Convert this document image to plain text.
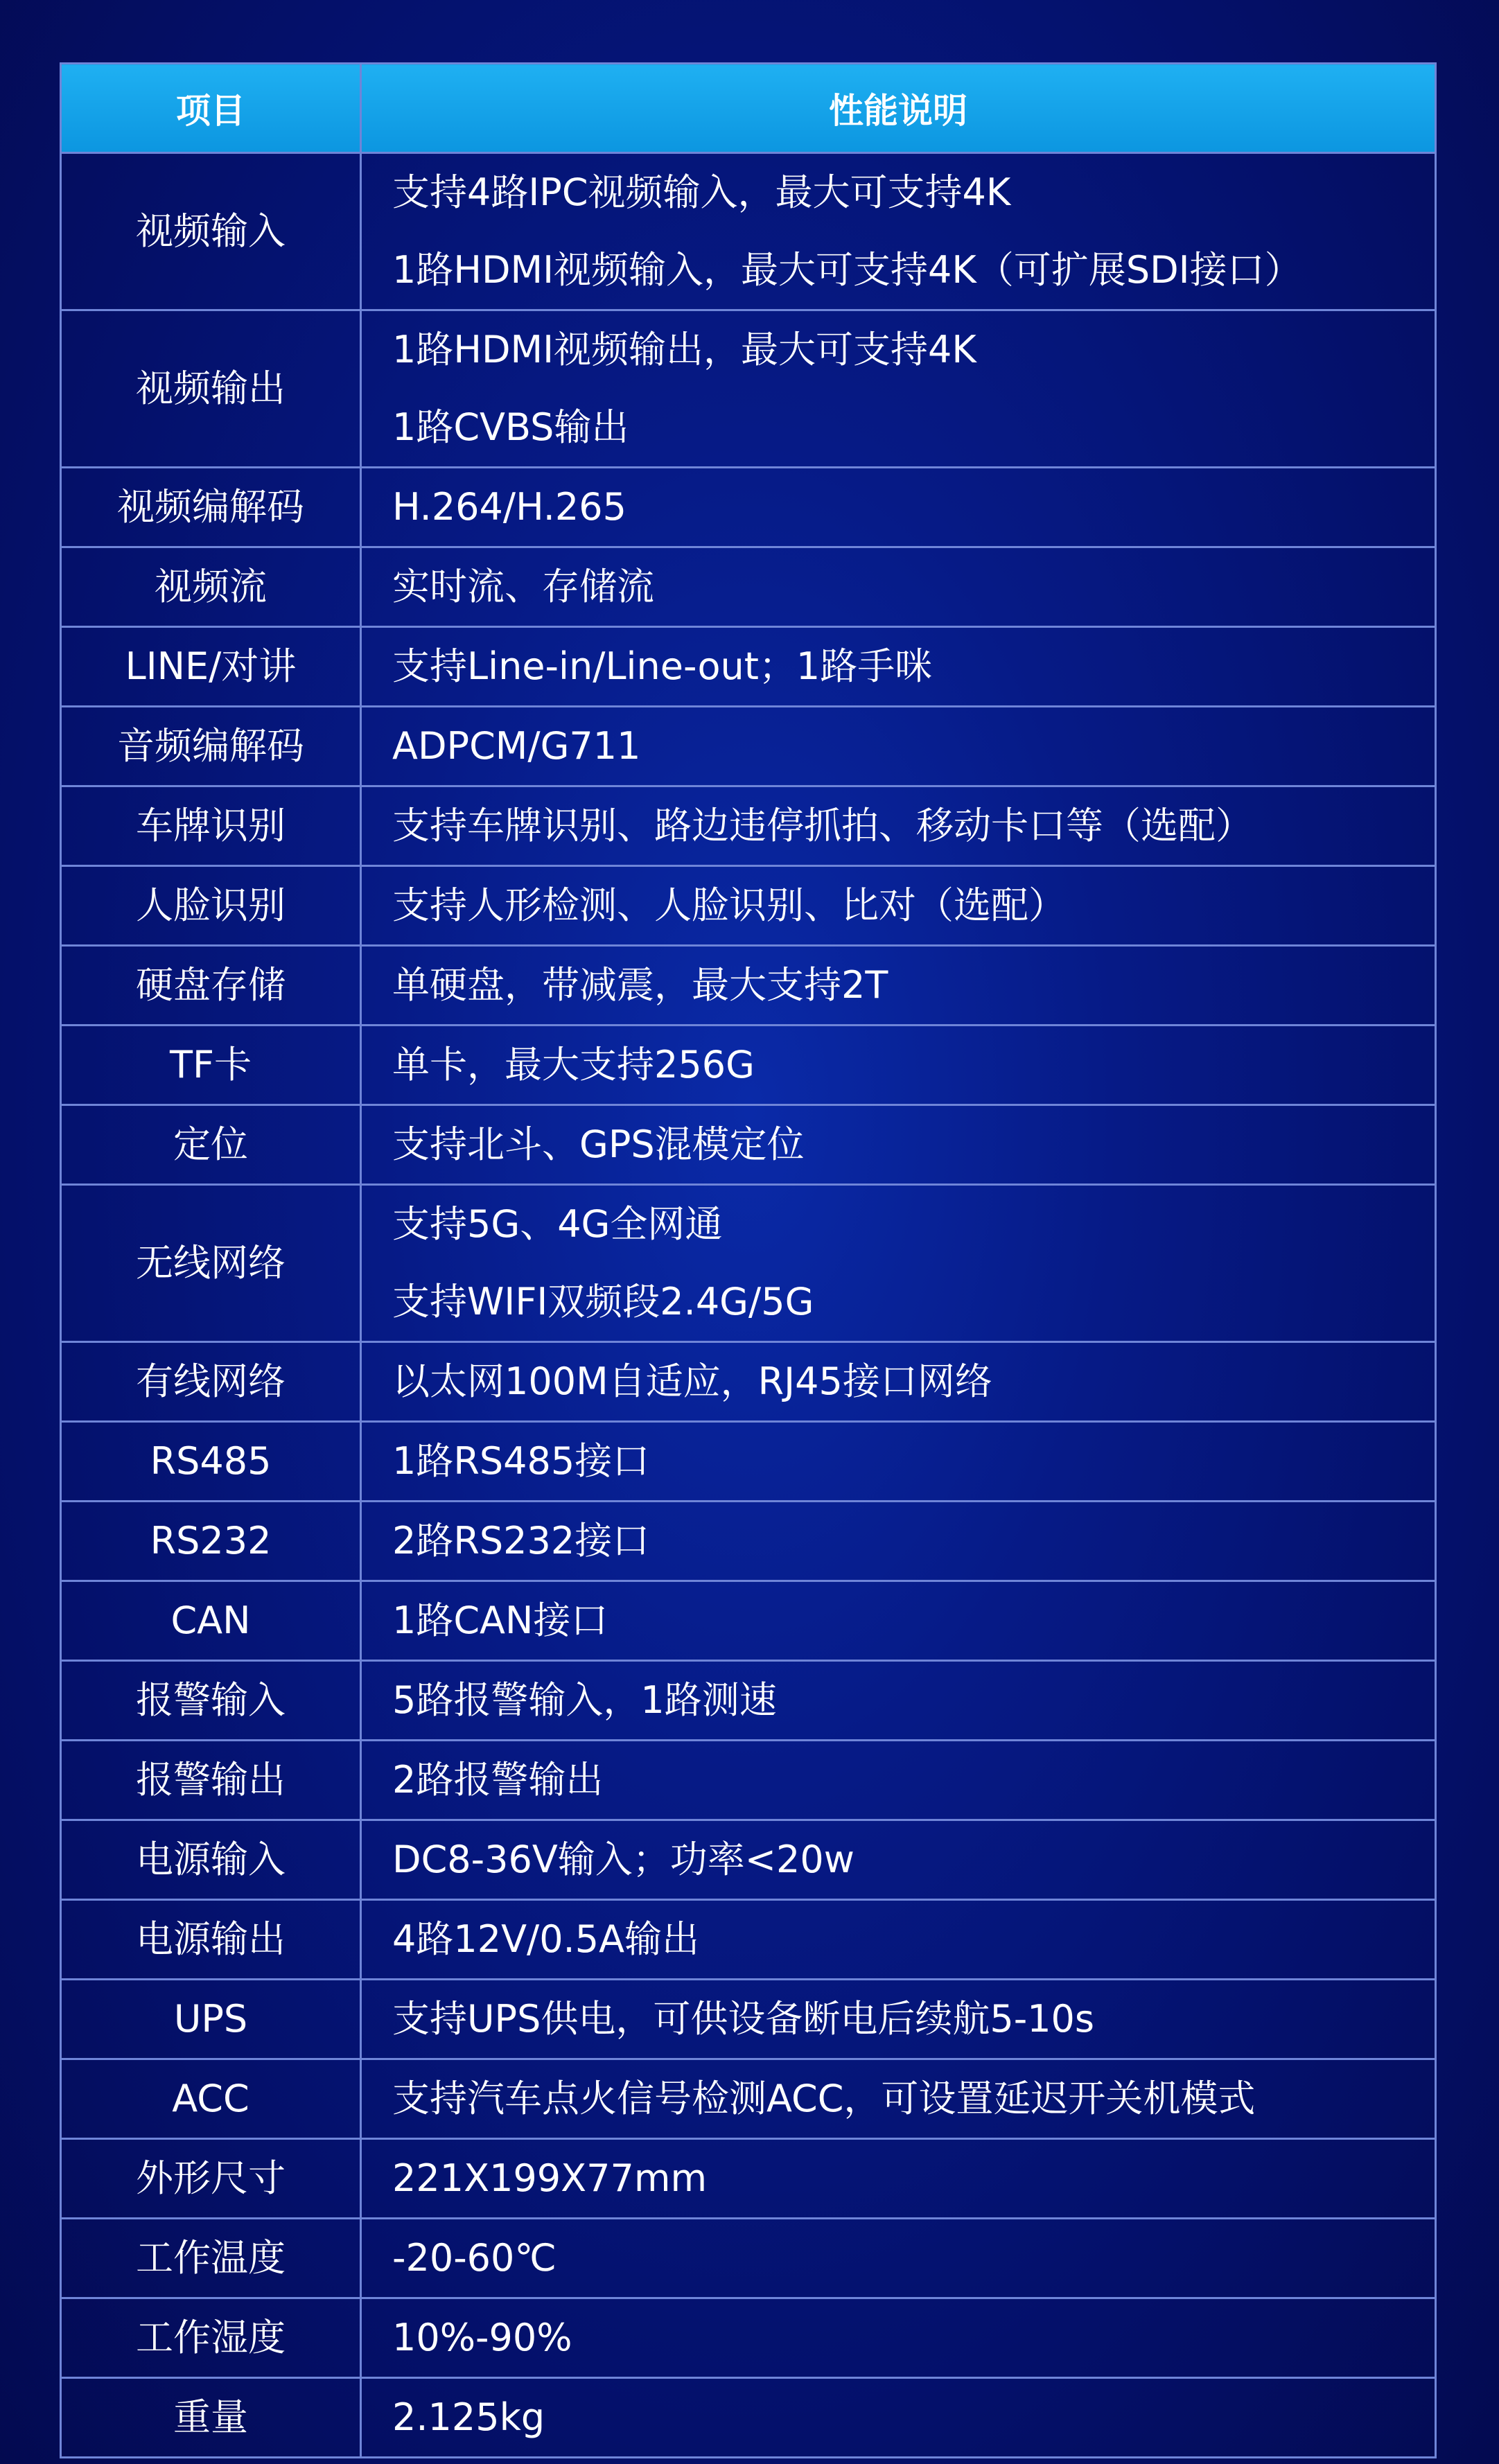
项目	性能说明
视频输入	支持4路IPC视频输入，最大可支持4K
1路HDMI视频输入，最大可支持4K（可扩展SDI接口）

视频输出	1路HDMI视频输出，最大可支持4K
1路CVBS输出

视频编解码	H.264/H.265

视频流	实时流、存储流

LINE/对讲	支持Line-in/Line-out；1路手咪

音频编解码	ADPCM/G711

车牌识别	支持车牌识别、路边违停抓拍、移动卡口等（选配）

人脸识别	支持人形检测、人脸识别、比对（选配）

硬盘存储	单硬盘，带减震，最大支持2T

TF卡	单卡，最大支持256G

定位	支持北斗、GPS混模定位

无线网络	支持5G、4G全网通
支持WIFI双频段2.4G/5G

有线网络	以太网100M自适应，RJ45接口网络

RS485	1路RS485接口

RS232	2路RS232接口

CAN	1路CAN接口

报警输入	5路报警输入，1路测速

报警输出	2路报警输出

电源输入	DC8-36V输入；功率<20w

电源输出	4路12V/0.5A输出

UPS	支持UPS供电，可供设备断电后续航5-10s

ACC	支持汽车点火信号检测ACC，可设置延迟开关机模式

外形尺寸	221X199X77mm

工作温度	-20-60℃

工作湿度	10%-90%

重量	2.125kg
